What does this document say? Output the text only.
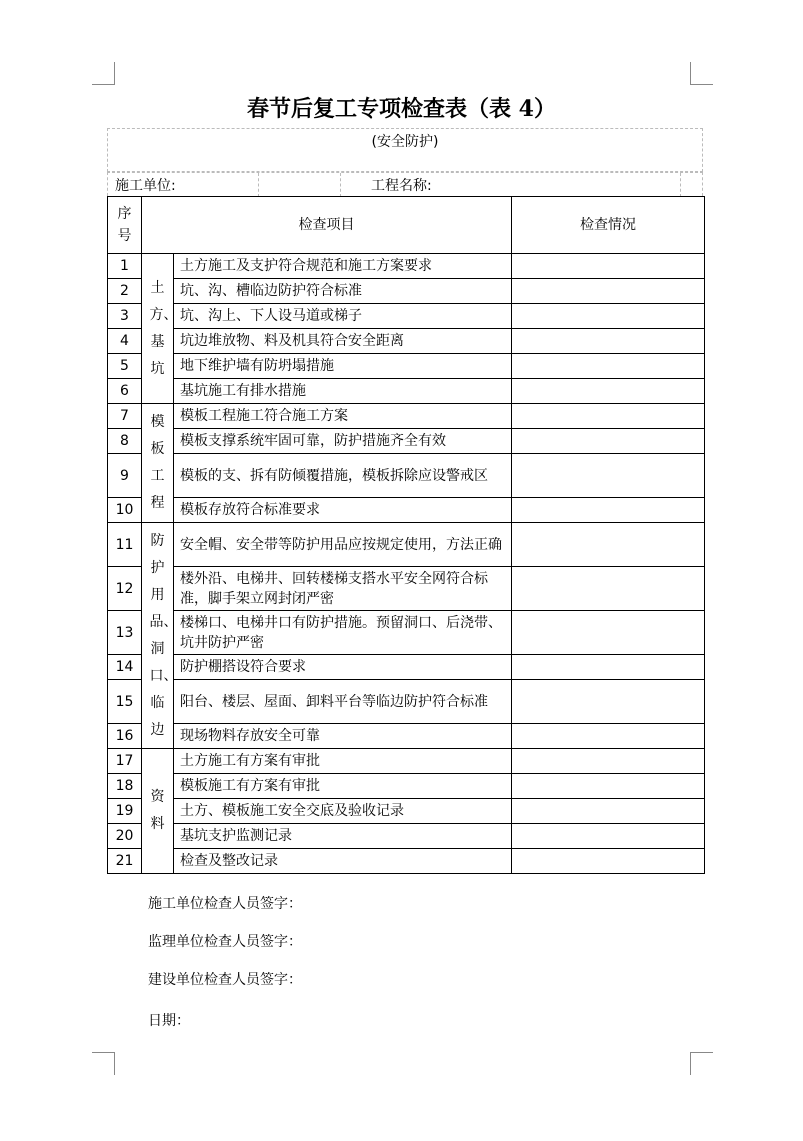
春节后复工专项检查表（表 4）
(安全防护)
施工单位:	工程名称:
序号	检查项目		检查情况
1	土方、基坑	土方施工及支护符合规范和施工方案要求	
2		坑、沟、槽临边防护符合标准	
3		坑、沟上、下人设马道或梯子	
4		坑边堆放物、料及机具符合安全距离	
5		地下维护墙有防坍塌措施	
6		基坑施工有排水措施	
7	模板工程	模板工程施工符合施工方案	
8		模板支撑系统牢固可靠，防护措施齐全有效	
9		模板的支、拆有防倾覆措施，模板拆除应设警戒区	
10		模板存放符合标准要求	
11	防护用品、洞口、临边	安全帽、安全带等防护用品应按规定使用，方法正确	
12		楼外沿、电梯井、回转楼梯支搭水平安全网符合标准，脚手架立网封闭严密	
13		楼梯口、电梯井口有防护措施。预留洞口、后浇带、坑井防护严密	
14		防护棚搭设符合要求	
15		阳台、楼层、屋面、卸料平台等临边防护符合标准	
16		现场物料存放安全可靠	
17	资料	土方施工有方案有审批	
18		模板施工有方案有审批	
19		土方、模板施工安全交底及验收记录	
20		基坑支护监测记录	
21		检查及整改记录	
施工单位检查人员签字：
监理单位检查人员签字：
建设单位检查人员签字：
日期：
